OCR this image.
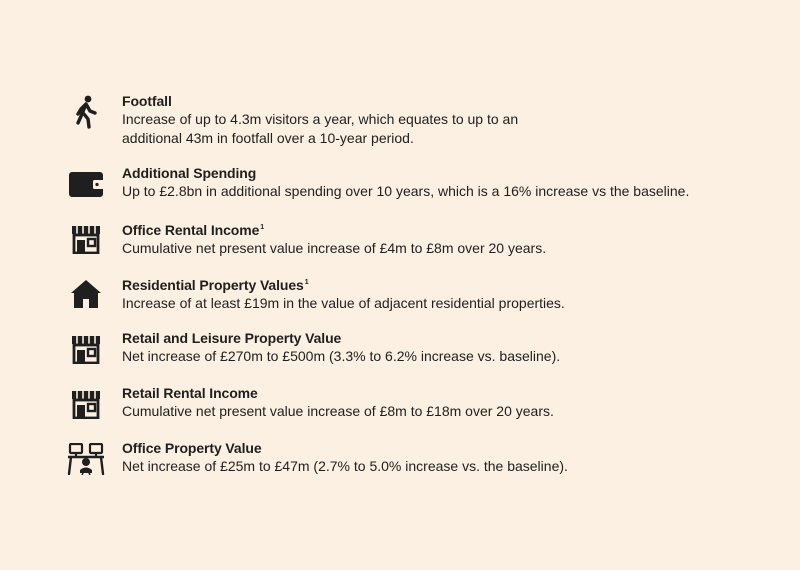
Footfall
Increase of up to 4.3m visitors a year, which equates to up to an additional 43m in footfall over a 10-year period.
Additional Spending
Up to £2.8bn in additional spending over 10 years, which is a 16% increase vs the baseline.
Office Rental Income$^1$
Cumulative net present value increase of £4m to £8m over 20 years.
Residential Property Values$^1$
Increase of at least £19m in the value of adjacent residential properties.
Retail and Leisure Property Value
Net increase of £270m to £500m (3.3% to 6.2% increase vs. baseline).
Retail Rental Income
Cumulative net present value increase of £8m to £18m over 20 years.
Office Property Value
Net increase of £25m to £47m (2.7% to 5.0% increase vs. the baseline).
